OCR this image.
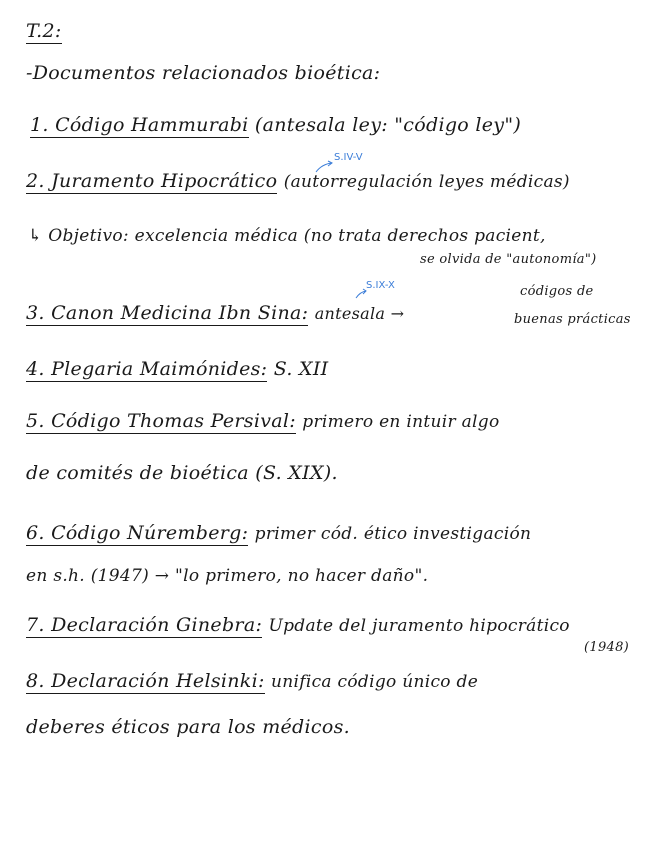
T.2:
-Documentos relacionados bioética:
1. Código Hammurabi (antesala ley: "código ley")
S.IV-V
2. Juramento Hipocrático (autorregulación leyes médicas)
↳ Objetivo: excelencia médica (no trata derechos pacient,
se olvida de "autonomía")
S.IX-X
3. Canon Medicina Ibn Sina: antesala →
códigos de
buenas prácticas
4. Plegaria Maimónides: S. XII
5. Código Thomas Persival: primero en intuir algo
de comités de bioética (S. XIX).
6. Código Núremberg: primer cód. ético investigación
en s.h. (1947) → "lo primero, no hacer daño".
7. Declaración Ginebra: Update del juramento hipocrático
(1948)
8. Declaración Helsinki: unifica código único de
deberes éticos para los médicos.
